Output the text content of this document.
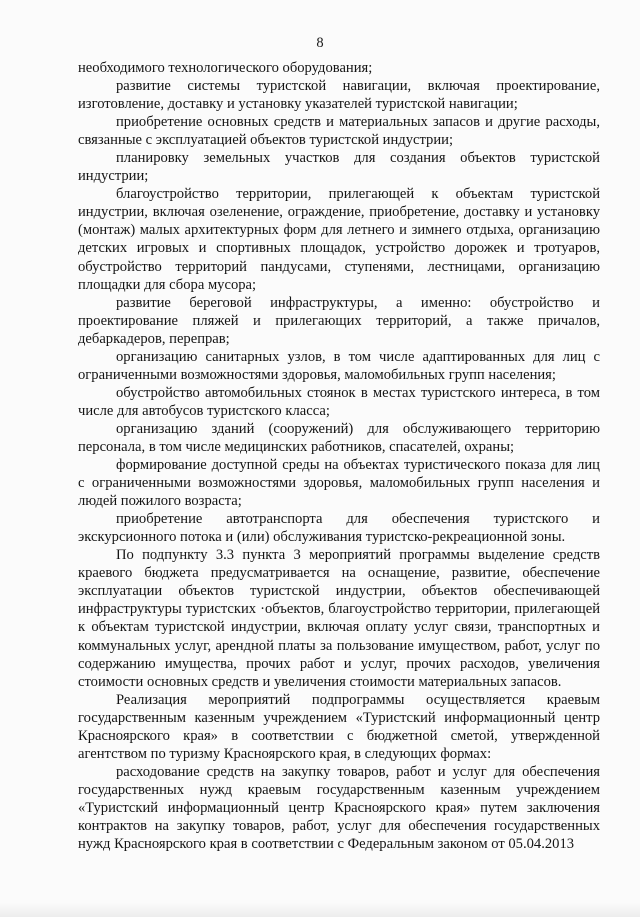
8

необходимого технологического оборудования;

развитие системы туристской навигации, включая проектирование, изготовление, доставку и установку указателей туристской навигации;

приобретение основных средств и материальных запасов и другие расходы, связанные с эксплуатацией объектов туристской индустрии;

планировку земельных участков для создания объектов туристской индустрии;

благоустройство территории, прилегающей к объектам туристской индустрии, включая озеленение, ограждение, приобретение, доставку и установку (монтаж) малых архитектурных форм для летнего и зимнего отдыха, организацию детских игровых и спортивных площадок, устройство дорожек и тротуаров, обустройство территорий пандусами, ступенями, лестницами, организацию площадки для сбора мусора;

развитие береговой инфраструктуры, а именно: обустройство и проектирование пляжей и прилегающих территорий, а также причалов, дебаркадеров, переправ;

организацию санитарных узлов, в том числе адаптированных для лиц с ограниченными возможностями здоровья, маломобильных групп населения;

обустройство автомобильных стоянок в местах туристского интереса, в том числе для автобусов туристского класса;

организацию зданий (сооружений) для обслуживающего территорию персонала, в том числе медицинских работников, спасателей, охраны;

формирование доступной среды на объектах туристического показа для лиц с ограниченными возможностями здоровья, маломобильных групп населения и людей пожилого возраста;

приобретение автотранспорта для обеспечения туристского и экскурсионного потока и (или) обслуживания туристско-рекреационной зоны.

По подпункту 3.3 пункта 3 мероприятий программы выделение средств краевого бюджета предусматривается на оснащение, развитие, обеспечение эксплуатации объектов туристской индустрии, объектов обеспечивающей инфраструктуры туристских ·объектов, благоустройство территории, прилегающей к объектам туристской индустрии, включая оплату услуг связи, транспортных и коммунальных услуг, арендной платы за пользование имуществом, работ, услуг по содержанию имущества, прочих работ и услуг, прочих расходов, увеличения стоимости основных средств и увеличения стоимости материальных запасов.

Реализация мероприятий подпрограммы осуществляется краевым государственным казенным учреждением «Туристский информационный центр Красноярского края» в соответствии с бюджетной сметой, утвержденной агентством по туризму Красноярского края, в следующих формах:

расходование средств на закупку товаров, работ и услуг для обеспечения государственных нужд краевым государственным казенным учреждением «Туристский информационный центр Красноярского края» путем заключения контрактов на закупку товаров, работ, услуг для обеспечения государственных нужд Красноярского края в соответствии с Федеральным законом от 05.04.2013
